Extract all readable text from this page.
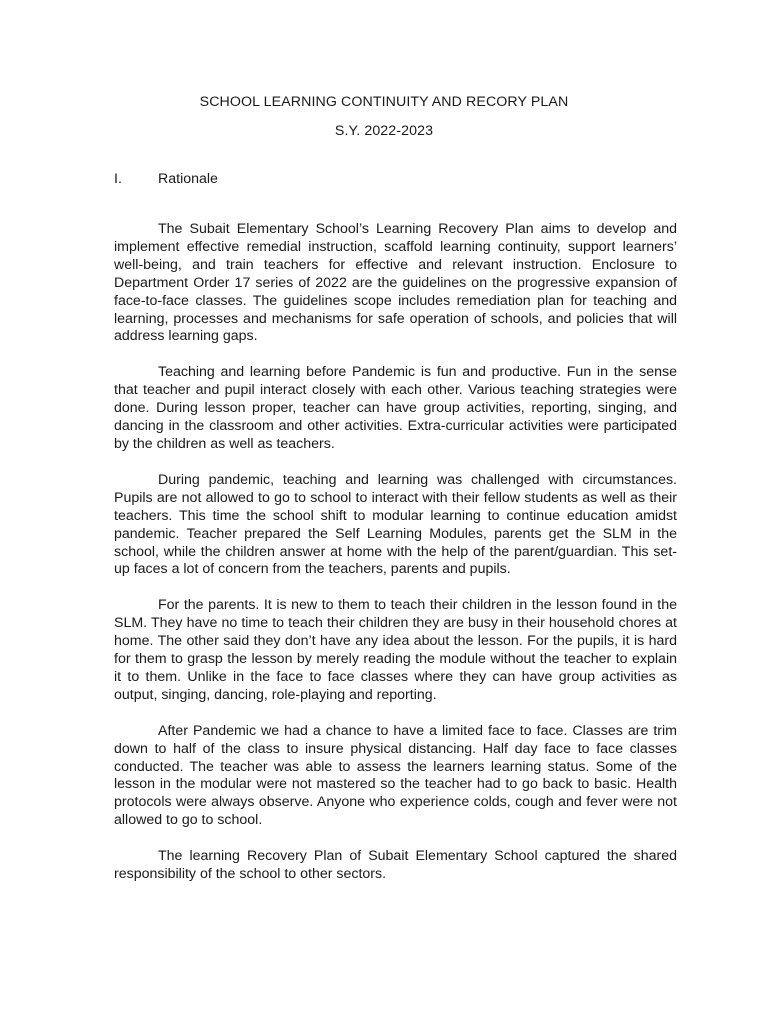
SCHOOL LEARNING CONTINUITY AND RECORY PLAN
S.Y. 2022-2023
I.	Rationale

The Subait Elementary School’s Learning Recovery Plan aims to develop and implement effective remedial instruction, scaffold learning continuity, support learners’ well-being, and train teachers for effective and relevant instruction. Enclosure to Department Order 17 series of 2022 are the guidelines on the progressive expansion of face-to-face classes. The guidelines scope includes remediation plan for teaching and learning, processes and mechanisms for safe operation of schools, and policies that will address learning gaps.

Teaching and learning before Pandemic is fun and productive. Fun in the sense that teacher and pupil interact closely with each other. Various teaching strategies were done. During lesson proper, teacher can have group activities, reporting, singing, and dancing in the classroom and other activities. Extra-curricular activities were participated by the children as well as teachers.

During pandemic, teaching and learning was challenged with circumstances. Pupils are not allowed to go to school to interact with their fellow students as well as their teachers. This time the school shift to modular learning to continue education amidst pandemic. Teacher prepared the Self Learning Modules, parents get the SLM in the school, while the children answer at home with the help of the parent/guardian. This set-up faces a lot of concern from the teachers, parents and pupils.

For the parents. It is new to them to teach their children in the lesson found in the SLM. They have no time to teach their children they are busy in their household chores at home. The other said they don’t have any idea about the lesson. For the pupils, it is hard for them to grasp the lesson by merely reading the module without the teacher to explain it to them. Unlike in the face to face classes where they can have group activities as output, singing, dancing, role-playing and reporting.

After Pandemic we had a chance to have a limited face to face. Classes are trim down to half of the class to insure physical distancing. Half day face to face classes conducted. The teacher was able to assess the learners learning status. Some of the lesson in the modular were not mastered so the teacher had to go back to basic. Health protocols were always observe. Anyone who experience colds, cough and fever were not allowed to go to school.

The learning Recovery Plan of Subait Elementary School captured the shared responsibility of the school to other sectors.
